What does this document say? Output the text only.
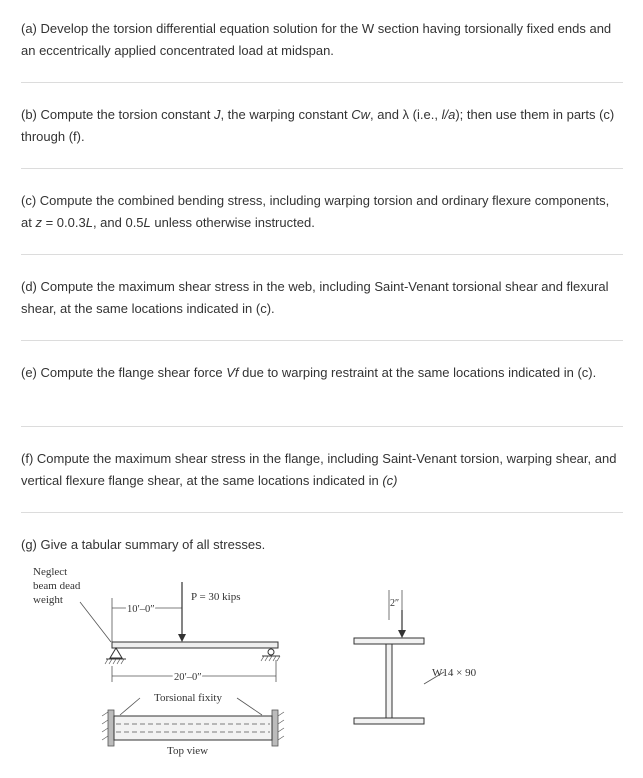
(a) Develop the torsion differential equation solution for the W section having torsionally fixed ends and an eccentrically applied concentrated load at midspan.

(b) Compute the torsion constant J, the warping constant Cw, and λ (i.e., l/a); then use them in parts (c) through (f).

(c) Compute the combined bending stress, including warping torsion and ordinary flexure components, at z = 0.0.3L, and 0.5L unless otherwise instructed.

(d) Compute the maximum shear stress in the web, including Saint-Venant torsional shear and flexural shear, at the same locations indicated in (c).

(e) Compute the flange shear force Vf due to warping restraint at the same locations indicated in (c).

(f) Compute the maximum shear stress in the flange, including Saint-Venant torsion, warping shear, and vertical flexure flange shear, at the same locations indicated in (c)

(g) Give a tabular summary of all stresses.

Neglect
beam dead
weight
10′–0″
P = 30 kips
20′–0″
Torsional fixity
Top view
2″
W14 × 90
